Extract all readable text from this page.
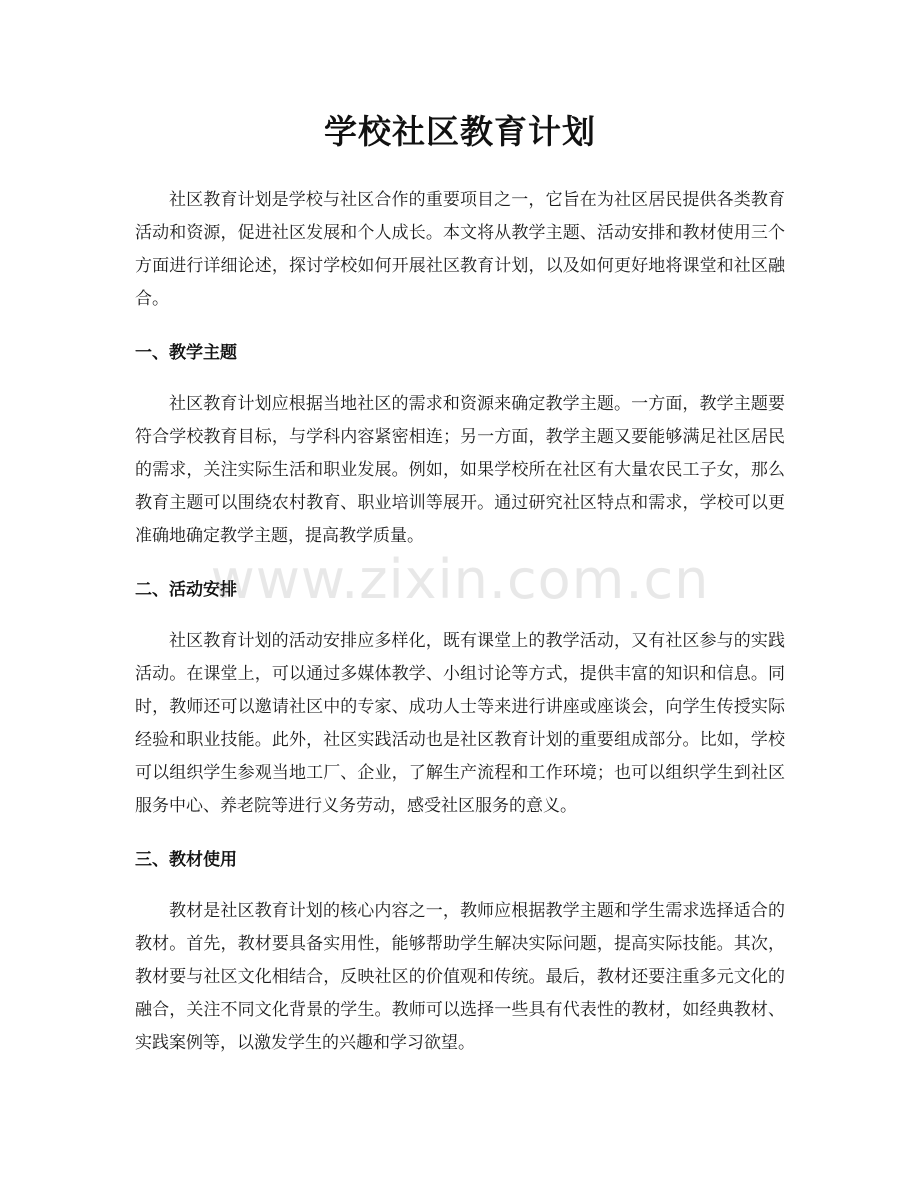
学校社区教育计划

社区教育计划是学校与社区合作的重要项目之一，它旨在为社区居民提供各类教育活动和资源，促进社区发展和个人成长。本文将从教学主题、活动安排和教材使用三个方面进行详细论述，探讨学校如何开展社区教育计划，以及如何更好地将课堂和社区融合。

一、教学主题

社区教育计划应根据当地社区的需求和资源来确定教学主题。一方面，教学主题要符合学校教育目标，与学科内容紧密相连；另一方面，教学主题又要能够满足社区居民的需求，关注实际生活和职业发展。例如，如果学校所在社区有大量农民工子女，那么教育主题可以围绕农村教育、职业培训等展开。通过研究社区特点和需求，学校可以更准确地确定教学主题，提高教学质量。

二、活动安排

社区教育计划的活动安排应多样化，既有课堂上的教学活动，又有社区参与的实践活动。在课堂上，可以通过多媒体教学、小组讨论等方式，提供丰富的知识和信息。同时，教师还可以邀请社区中的专家、成功人士等来进行讲座或座谈会，向学生传授实际经验和职业技能。此外，社区实践活动也是社区教育计划的重要组成部分。比如，学校可以组织学生参观当地工厂、企业，了解生产流程和工作环境；也可以组织学生到社区服务中心、养老院等进行义务劳动，感受社区服务的意义。

三、教材使用

教材是社区教育计划的核心内容之一，教师应根据教学主题和学生需求选择适合的教材。首先，教材要具备实用性，能够帮助学生解决实际问题，提高实际技能。其次，教材要与社区文化相结合，反映社区的价值观和传统。最后，教材还要注重多元文化的融合，关注不同文化背景的学生。教师可以选择一些具有代表性的教材，如经典教材、实践案例等，以激发学生的兴趣和学习欲望。

www.zixin.com.cn
